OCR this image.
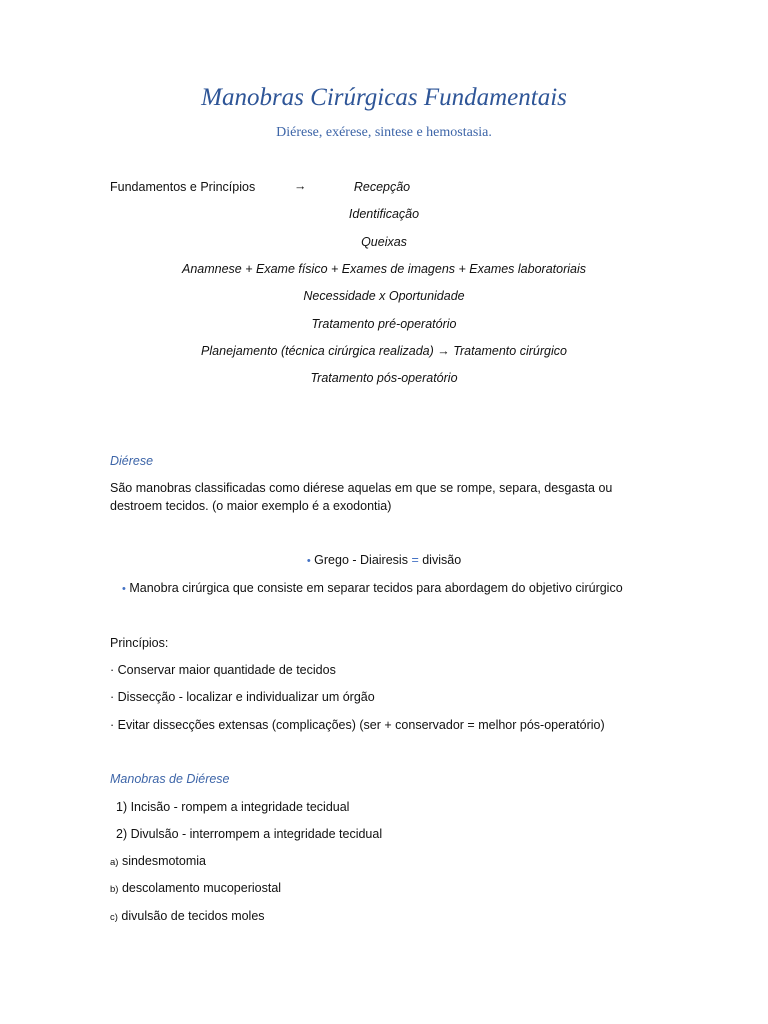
Manobras Cirúrgicas Fundamentais
Diérese, exérese, sintese e hemostasia.
Fundamentos e Princípios	→	Recepção
Identificação
Queixas
Anamnese + Exame físico + Exames de imagens + Exames laboratoriais
Necessidade x Oportunidade
Tratamento pré-operatório
Planejamento (técnica cirúrgica realizada) → Tratamento cirúrgico
Tratamento pós-operatório
Diérese
São manobras classificadas como diérese aquelas em que se rompe, separa, desgasta ou
destroem tecidos. (o maior exemplo é a exodontia)
• Grego - Diairesis = divisão
• Manobra cirúrgica que consiste em separar tecidos para abordagem do objetivo cirúrgico
Princípios:
· Conservar maior quantidade de tecidos
· Dissecção - localizar e individualizar um órgão
· Evitar dissecções extensas (complicações) (ser + conservador = melhor pós-operatório)
Manobras de Diérese
1) Incisão - rompem a integridade tecidual
2) Divulsão - interrompem a integridade tecidual
a) sindesmotomia
b) descolamento mucoperiostal
c) divulsão de tecidos moles
